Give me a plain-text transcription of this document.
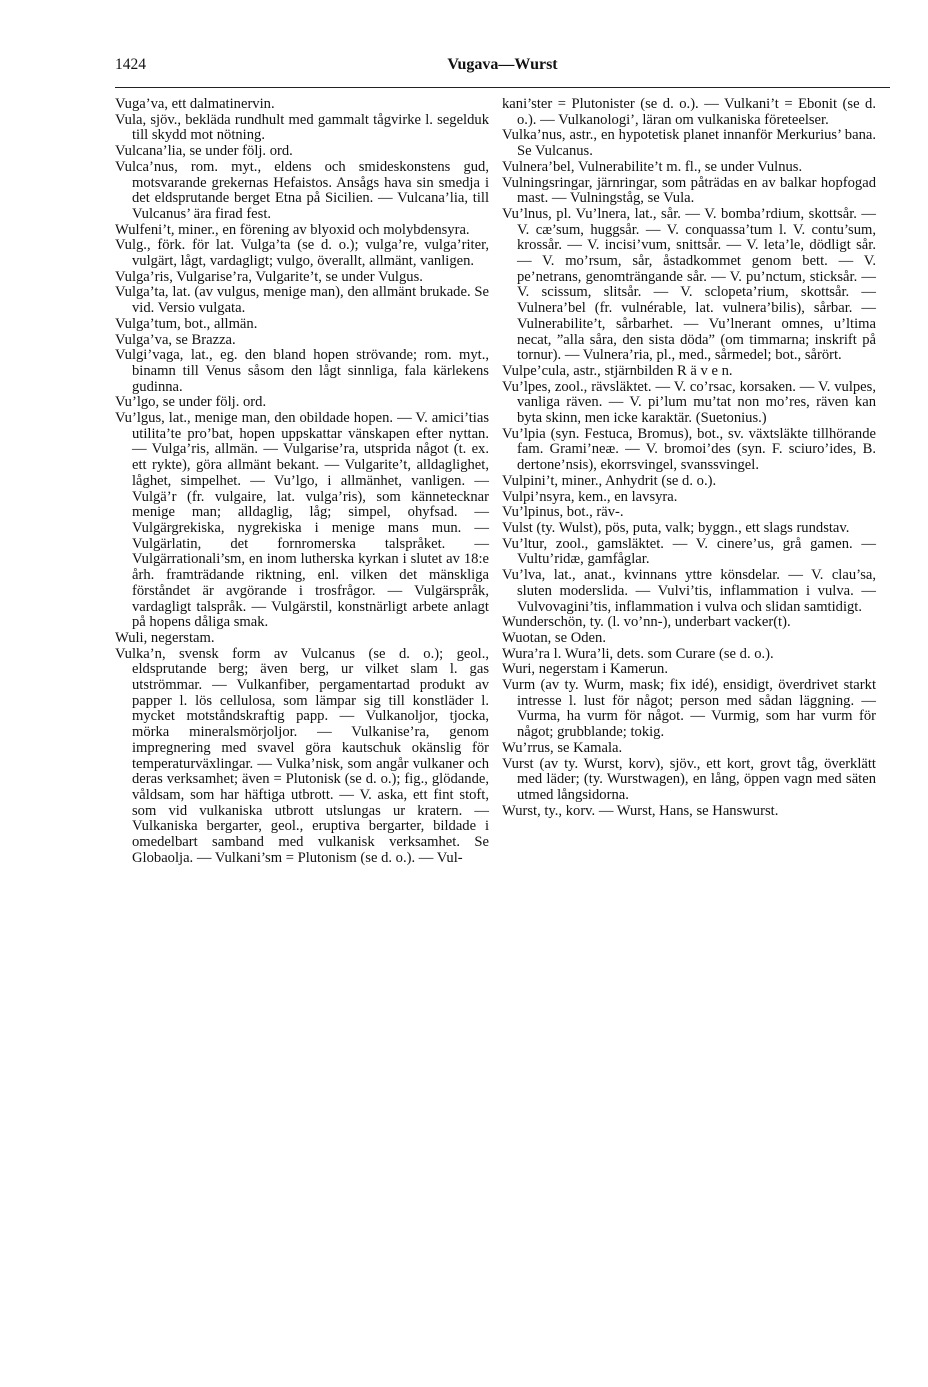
1424	Vugava—Wurst

Vuga’va, ett dalmatinervin.

Vula, sjöv., bekläda rundhult med gammalt tågvirke l. segelduk till skydd mot nötning.

Vulcana’lia, se under följ. ord.

Vulca’nus, rom. myt., eldens och smideskonstens gud, motsvarande grekernas Hefaistos. Ansågs hava sin smedja i det eldsprutande berget Etna på Sicilien. — Vulcana’lia, till Vulcanus’ ära firad fest.

Wulfeni’t, miner., en förening av blyoxid och molybdensyra.

Vulg., förk. för lat. Vulga’ta (se d. o.); vulga’re, vulga’riter, vulgärt, lågt, vardagligt; vulgo, överallt, allmänt, vanligen.

Vulga’ris, Vulgarise’ra, Vulgarite’t, se under Vulgus.

Vulga’ta, lat. (av vulgus, menige man), den allmänt brukade. Se vid. Versio vulgata.

Vulga’tum, bot., allmän.

Vulga’va, se Brazza.

Vulgi’vaga, lat., eg. den bland hopen strövande; rom. myt., binamn till Venus såsom den lågt sinnliga, fala kärlekens gudinna.

Vu’lgo, se under följ. ord.

Vu’lgus, lat., menige man, den obildade hopen. — V. amici’tias utilita’te pro’bat, hopen uppskattar vänskapen efter nyttan. — Vulga’ris, allmän. — Vulgarise’ra, utsprida något (t. ex. ett rykte), göra allmänt bekant. — Vulgarite’t, alldaglighet, låghet, simpelhet. — Vu’lgo, i allmänhet, vanligen. — Vulgä’r (fr. vulgaire, lat. vulga’ris), som kännetecknar menige man; alldaglig, låg; simpel, ohyfsad. — Vulgärgrekiska, nygrekiska i menige mans mun. — Vulgärlatin, det fornromerska talspråket. — Vulgärrationali’sm, en inom lutherska kyrkan i slutet av 18:e årh. framträdande riktning, enl. vilken det mänskliga förståndet är avgörande i trosfrågor. — Vulgärspråk, vardagligt talspråk. — Vulgärstil, konstnärligt arbete anlagt på hopens dåliga smak.

Wuli, negerstam.

Vulka’n, svensk form av Vulcanus (se d. o.); geol., eldsprutande berg; även berg, ur vilket slam l. gas utströmmar. — Vulkanfiber, pergamentartad produkt av papper l. lös cellulosa, som lämpar sig till konstläder l. mycket motståndskraftig papp. — Vulkanoljor, tjocka, mörka mineralsmörjoljor. — Vulkanise’ra, genom impregnering med svavel göra kautschuk okänslig för temperaturväxlingar. — Vulka’nisk, som angår vulkaner och deras verksamhet; även = Plutonisk (se d. o.); fig., glödande, våldsam, som har häftiga utbrott. — V. aska, ett fint stoft, som vid vulkaniska utbrott utslungas ur kratern. — Vulkaniska bergarter, geol., eruptiva bergarter, bildade i omedelbart samband med vulkanisk verksamhet. Se Globaolja. — Vulkani’sm = Plutonism (se d. o.). — Vul-

kani’ster = Plutonister (se d. o.). — Vulkani’t = Ebonit (se d. o.). — Vulkanologi’, läran om vulkaniska företeelser.

Vulka’nus, astr., en hypotetisk planet innanför Merkurius’ bana. Se Vulcanus.

Vulnera’bel, Vulnerabilite’t m. fl., se under Vulnus.

Vulningsringar, järnringar, som påträdas en av balkar hopfogad mast. — Vulningståg, se Vula.

Vu’lnus, pl. Vu’lnera, lat., sår. — V. bomba’rdium, skottsår. — V. cæ’sum, huggsår. — V. conquassa’tum l. V. contu’sum, krossår. — V. incisi’vum, snittsår. — V. leta’le, dödligt sår. — V. mo’rsum, sår, åstadkommet genom bett. — V. pe’netrans, genomträngande sår. — V. pu’nctum, sticksår. — V. scissum, slitsår. — V. sclopeta’rium, skottsår. — Vulnera’bel (fr. vulnérable, lat. vulnera’bilis), sårbar. — Vulnerabilite’t, sårbarhet. — Vu’lnerant omnes, u’ltima necat, ”alla såra, den sista döda” (om timmarna; inskrift på tornur). — Vulnera’ria, pl., med., sårmedel; bot., sårört.

Vulpe’cula, astr., stjärnbilden R ä v e n.

Vu’lpes, zool., rävsläktet. — V. co’rsac, korsaken. — V. vulpes, vanliga räven. — V. pi’lum mu’tat non mo’res, räven kan byta skinn, men icke karaktär. (Suetonius.)

Vu’lpia (syn. Festuca, Bromus), bot., sv. växtsläkte tillhörande fam. Grami’neæ. — V. bromoi’des (syn. F. sciuro’ides, B. dertone’nsis), ekorrsvingel, svanssvingel.

Vulpini’t, miner., Anhydrit (se d. o.).

Vulpi’nsyra, kem., en lavsyra.

Vu’lpinus, bot., räv-.

Vulst (ty. Wulst), pös, puta, valk; byggn., ett slags rundstav.

Vu’ltur, zool., gamsläktet. — V. cinere’us, grå gamen. — Vultu’ridæ, gamfåglar.

Vu’lva, lat., anat., kvinnans yttre könsdelar. — V. clau’sa, sluten moderslida. — Vulvi’tis, inflammation i vulva. — Vulvovagini’tis, inflammation i vulva och slidan samtidigt.

Wunderschön, ty. (l. vo’nn-), underbart vacker(t).

Wuotan, se Oden.

Wura’ra l. Wura’li, dets. som Curare (se d. o.).

Wuri, negerstam i Kamerun.

Vurm (av ty. Wurm, mask; fix idé), ensidigt, överdrivet starkt intresse l. lust för något; person med sådan läggning. — Vurma, ha vurm för något. — Vurmig, som har vurm för något; grubblande; tokig.

Wu’rrus, se Kamala.

Vurst (av ty. Wurst, korv), sjöv., ett kort, grovt tåg, överklätt med läder; (ty. Wurstwagen), en lång, öppen vagn med säten utmed långsidorna.

Wurst, ty., korv. — Wurst, Hans, se Hanswurst.
